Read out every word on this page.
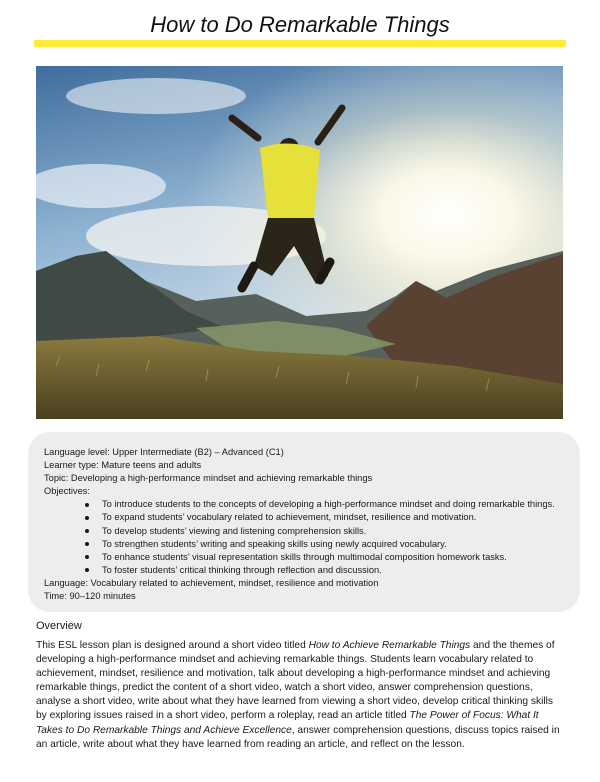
How to Do Remarkable Things
Language level: Upper Intermediate (B2) – Advanced (C1)
Learner type: Mature teens and adults
Topic: Developing a high-performance mindset and achieving remarkable things
Objectives:
To introduce students to the concepts of developing a high-performance mindset and doing remarkable things.
To expand students’ vocabulary related to achievement, mindset, resilience and motivation.
To develop students’ viewing and listening comprehension skills.
To strengthen students’ writing and speaking skills using newly acquired vocabulary.
To enhance students’ visual representation skills through multimodal composition homework tasks.
To foster students’ critical thinking through reflection and discussion.
Language: Vocabulary related to achievement, mindset, resilience and motivation
Time: 90–120 minutes
Overview
This ESL lesson plan is designed around a short video titled How to Achieve Remarkable Things and the themes of developing a high-performance mindset and achieving remarkable things. Students learn vocabulary related to achievement, mindset, resilience and motivation, talk about developing a high-performance mindset and achieving remarkable things, predict the content of a short video, watch a short video, answer comprehension questions, analyse a short video, write about what they have learned from viewing a short video, develop critical thinking skills by exploring issues raised in a short video, perform a roleplay, read an article titled The Power of Focus: What It Takes to Do Remarkable Things and Achieve Excellence, answer comprehension questions, discuss topics raised in an article, write about what they have learned from reading an article, and reflect on the lesson.
